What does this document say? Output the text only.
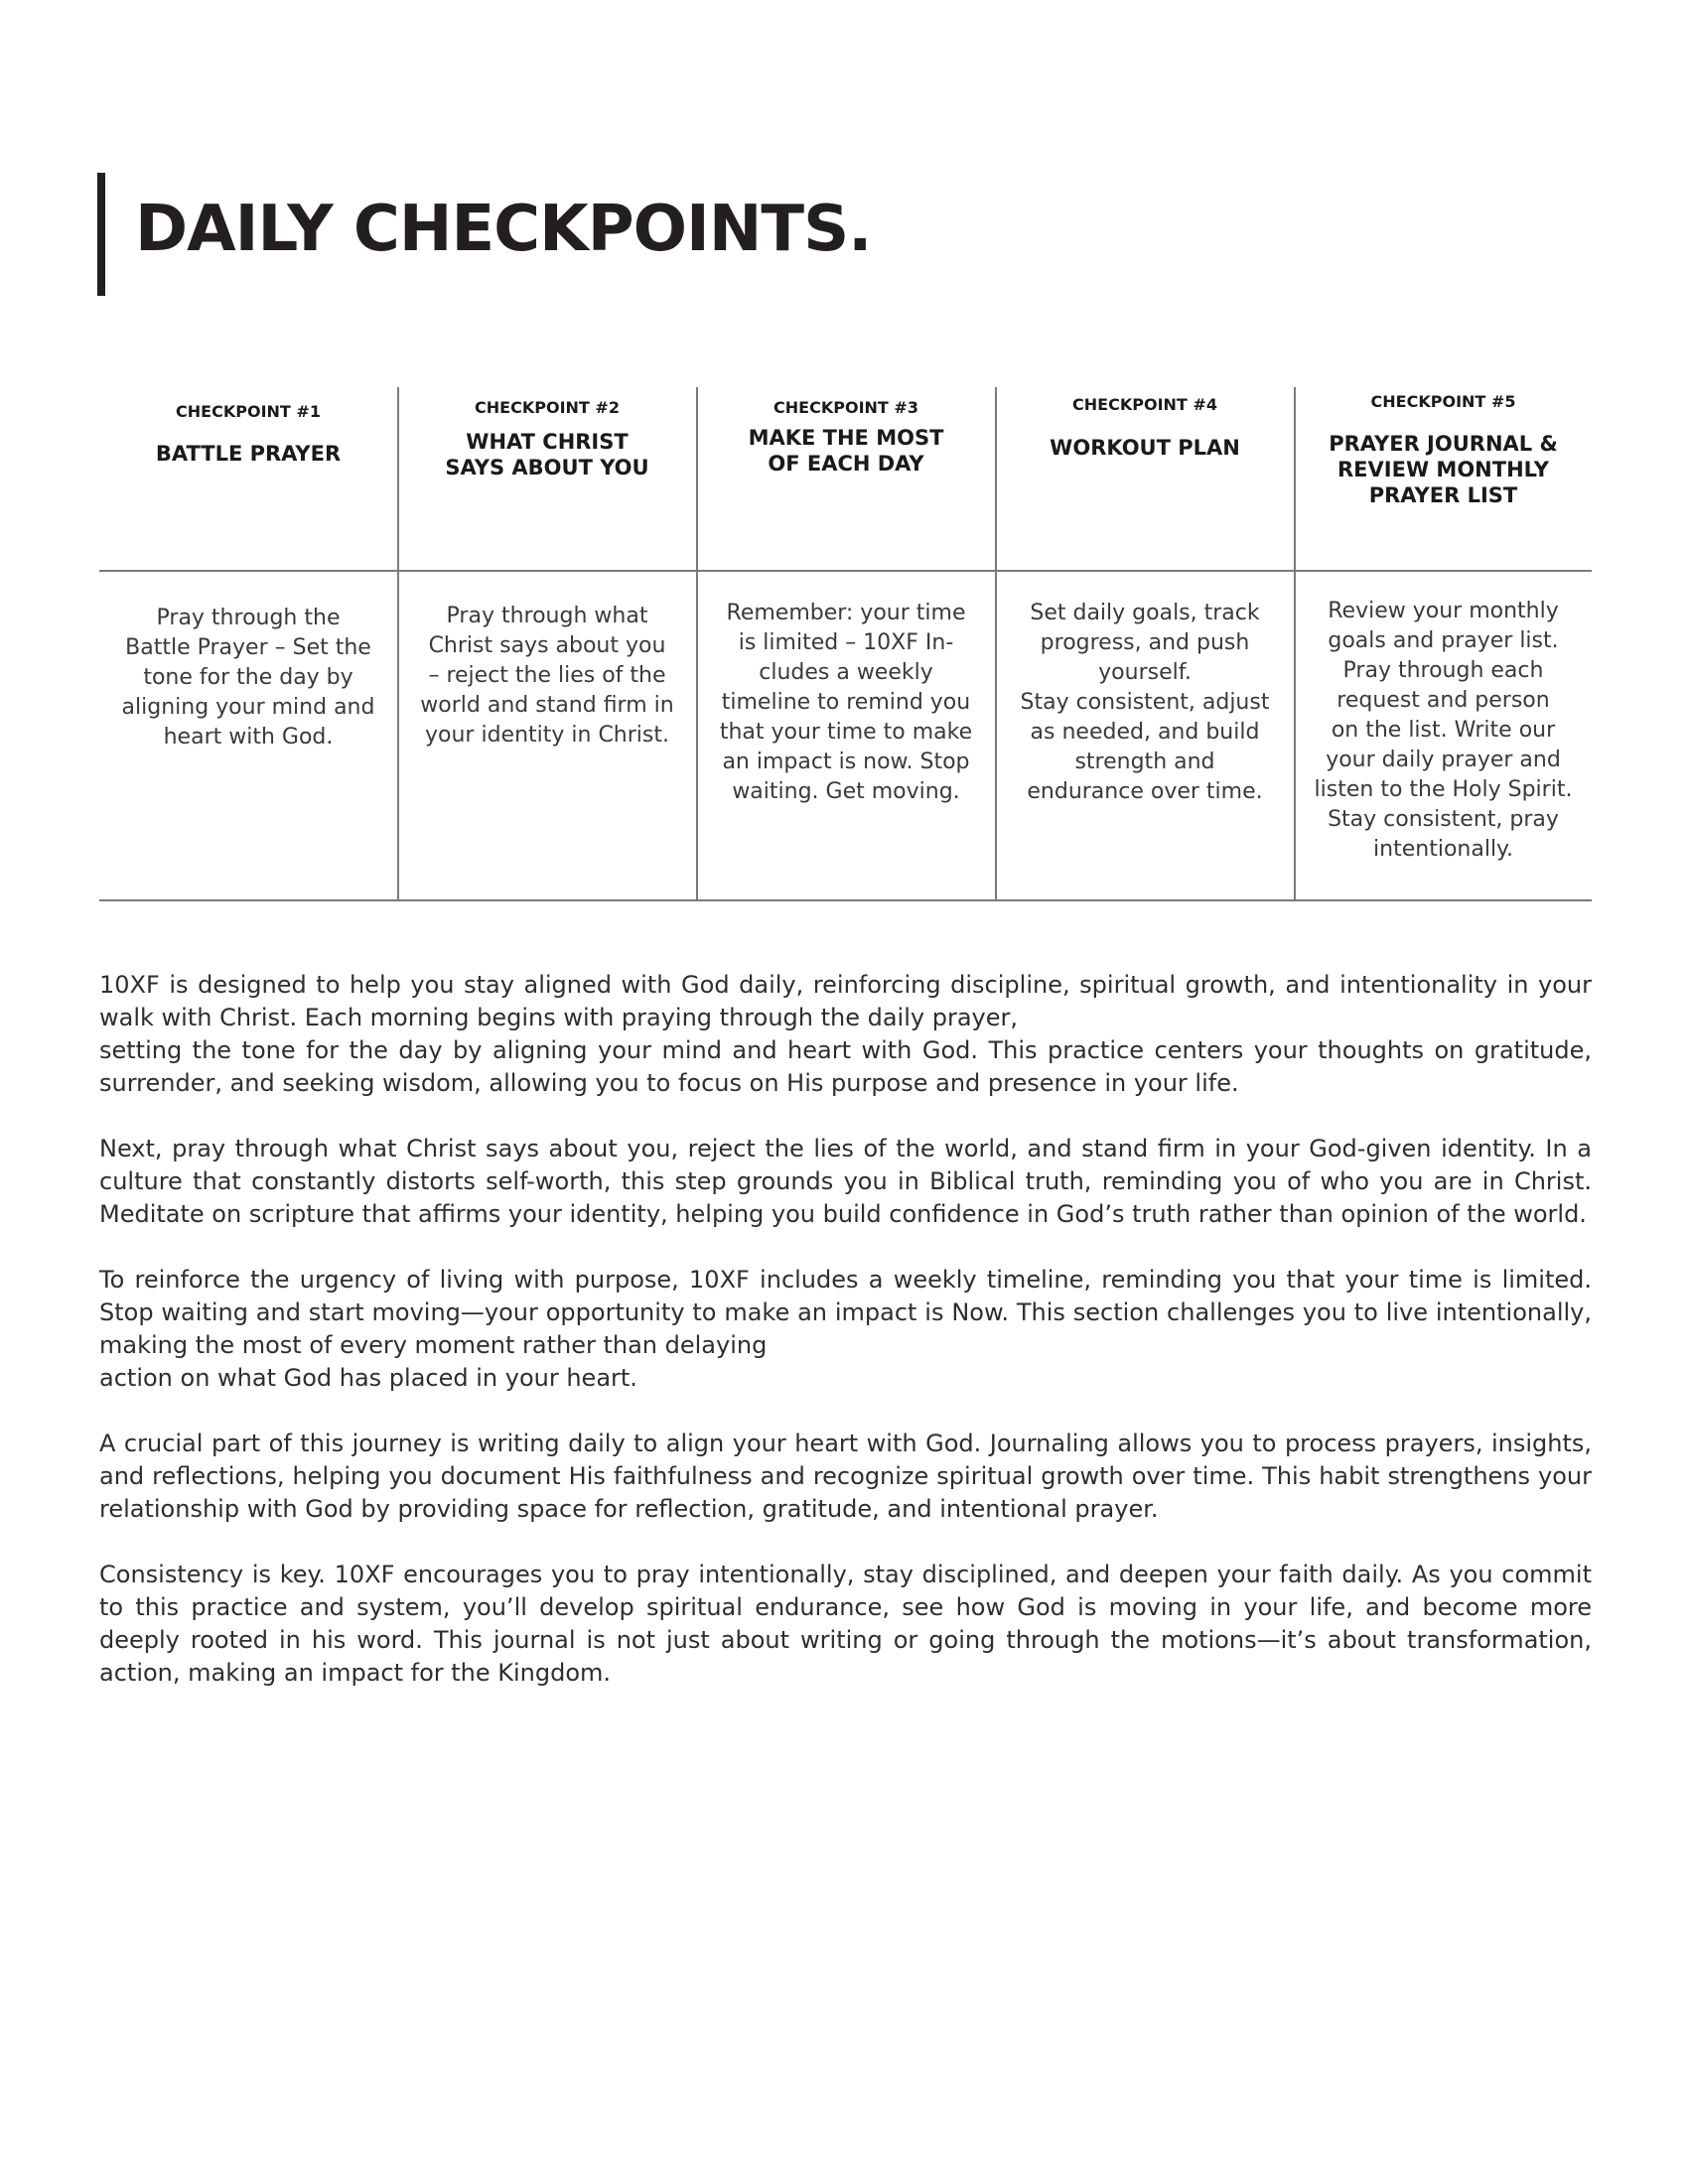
DAILY CHECKPOINTS.
CHECKPOINT #1
BATTLE PRAYER
Pray through the
Battle Prayer – Set the
tone for the day by
aligning your mind and
heart with God.
CHECKPOINT #2
WHAT CHRIST
SAYS ABOUT YOU
Pray through what
Christ says about you
– reject the lies of the
world and stand firm in
your identity in Christ.
CHECKPOINT #3
MAKE THE MOST
OF EACH DAY
Remember: your time
is limited – 10XF In-
cludes a weekly
timeline to remind you
that your time to make
an impact is now. Stop
waiting. Get moving.
CHECKPOINT #4
WORKOUT PLAN
Set daily goals, track
progress, and push
yourself.
Stay consistent, adjust
as needed, and build
strength and
endurance over time.
CHECKPOINT #5
PRAYER JOURNAL &
REVIEW MONTHLY
PRAYER LIST
Review your monthly
goals and prayer list.
Pray through each
request and person
on the list. Write our
your daily prayer and
listen to the Holy Spirit.
Stay consistent, pray
intentionally.

10XF is designed to help you stay aligned with God daily, reinforcing discipline, spiritual growth, and intentionality in your walk with Christ. Each morning begins with praying through the daily prayer,
setting the tone for the day by aligning your mind and heart with God. This practice centers your thoughts on gratitude, surrender, and seeking wisdom, allowing you to focus on His purpose and presence in your life.

Next, pray through what Christ says about you, reject the lies of the world, and stand firm in your God-given identity. In a culture that constantly distorts self-worth, this step grounds you in Biblical truth, reminding you of who you are in Christ. Meditate on scripture that affirms your identity, helping you build confidence in God’s truth rather than opinion of the world.

To reinforce the urgency of living with purpose, 10XF includes a weekly timeline, reminding you that your time is limited. Stop waiting and start moving—your opportunity to make an impact is Now. This section challenges you to live intentionally, making the most of every moment rather than delaying
action on what God has placed in your heart.

A crucial part of this journey is writing daily to align your heart with God. Journaling allows you to process prayers, insights, and reflections, helping you document His faithfulness and recognize spiritual growth over time. This habit strengthens your relationship with God by providing space for reflection, gratitude, and intentional prayer.

Consistency is key. 10XF encourages you to pray intentionally, stay disciplined, and deepen your faith daily. As you commit to this practice and system, you’ll develop spiritual endurance, see how God is moving in your life, and become more deeply rooted in his word. This journal is not just about writing or going through the motions—it’s about transformation, action, making an impact for the Kingdom.
